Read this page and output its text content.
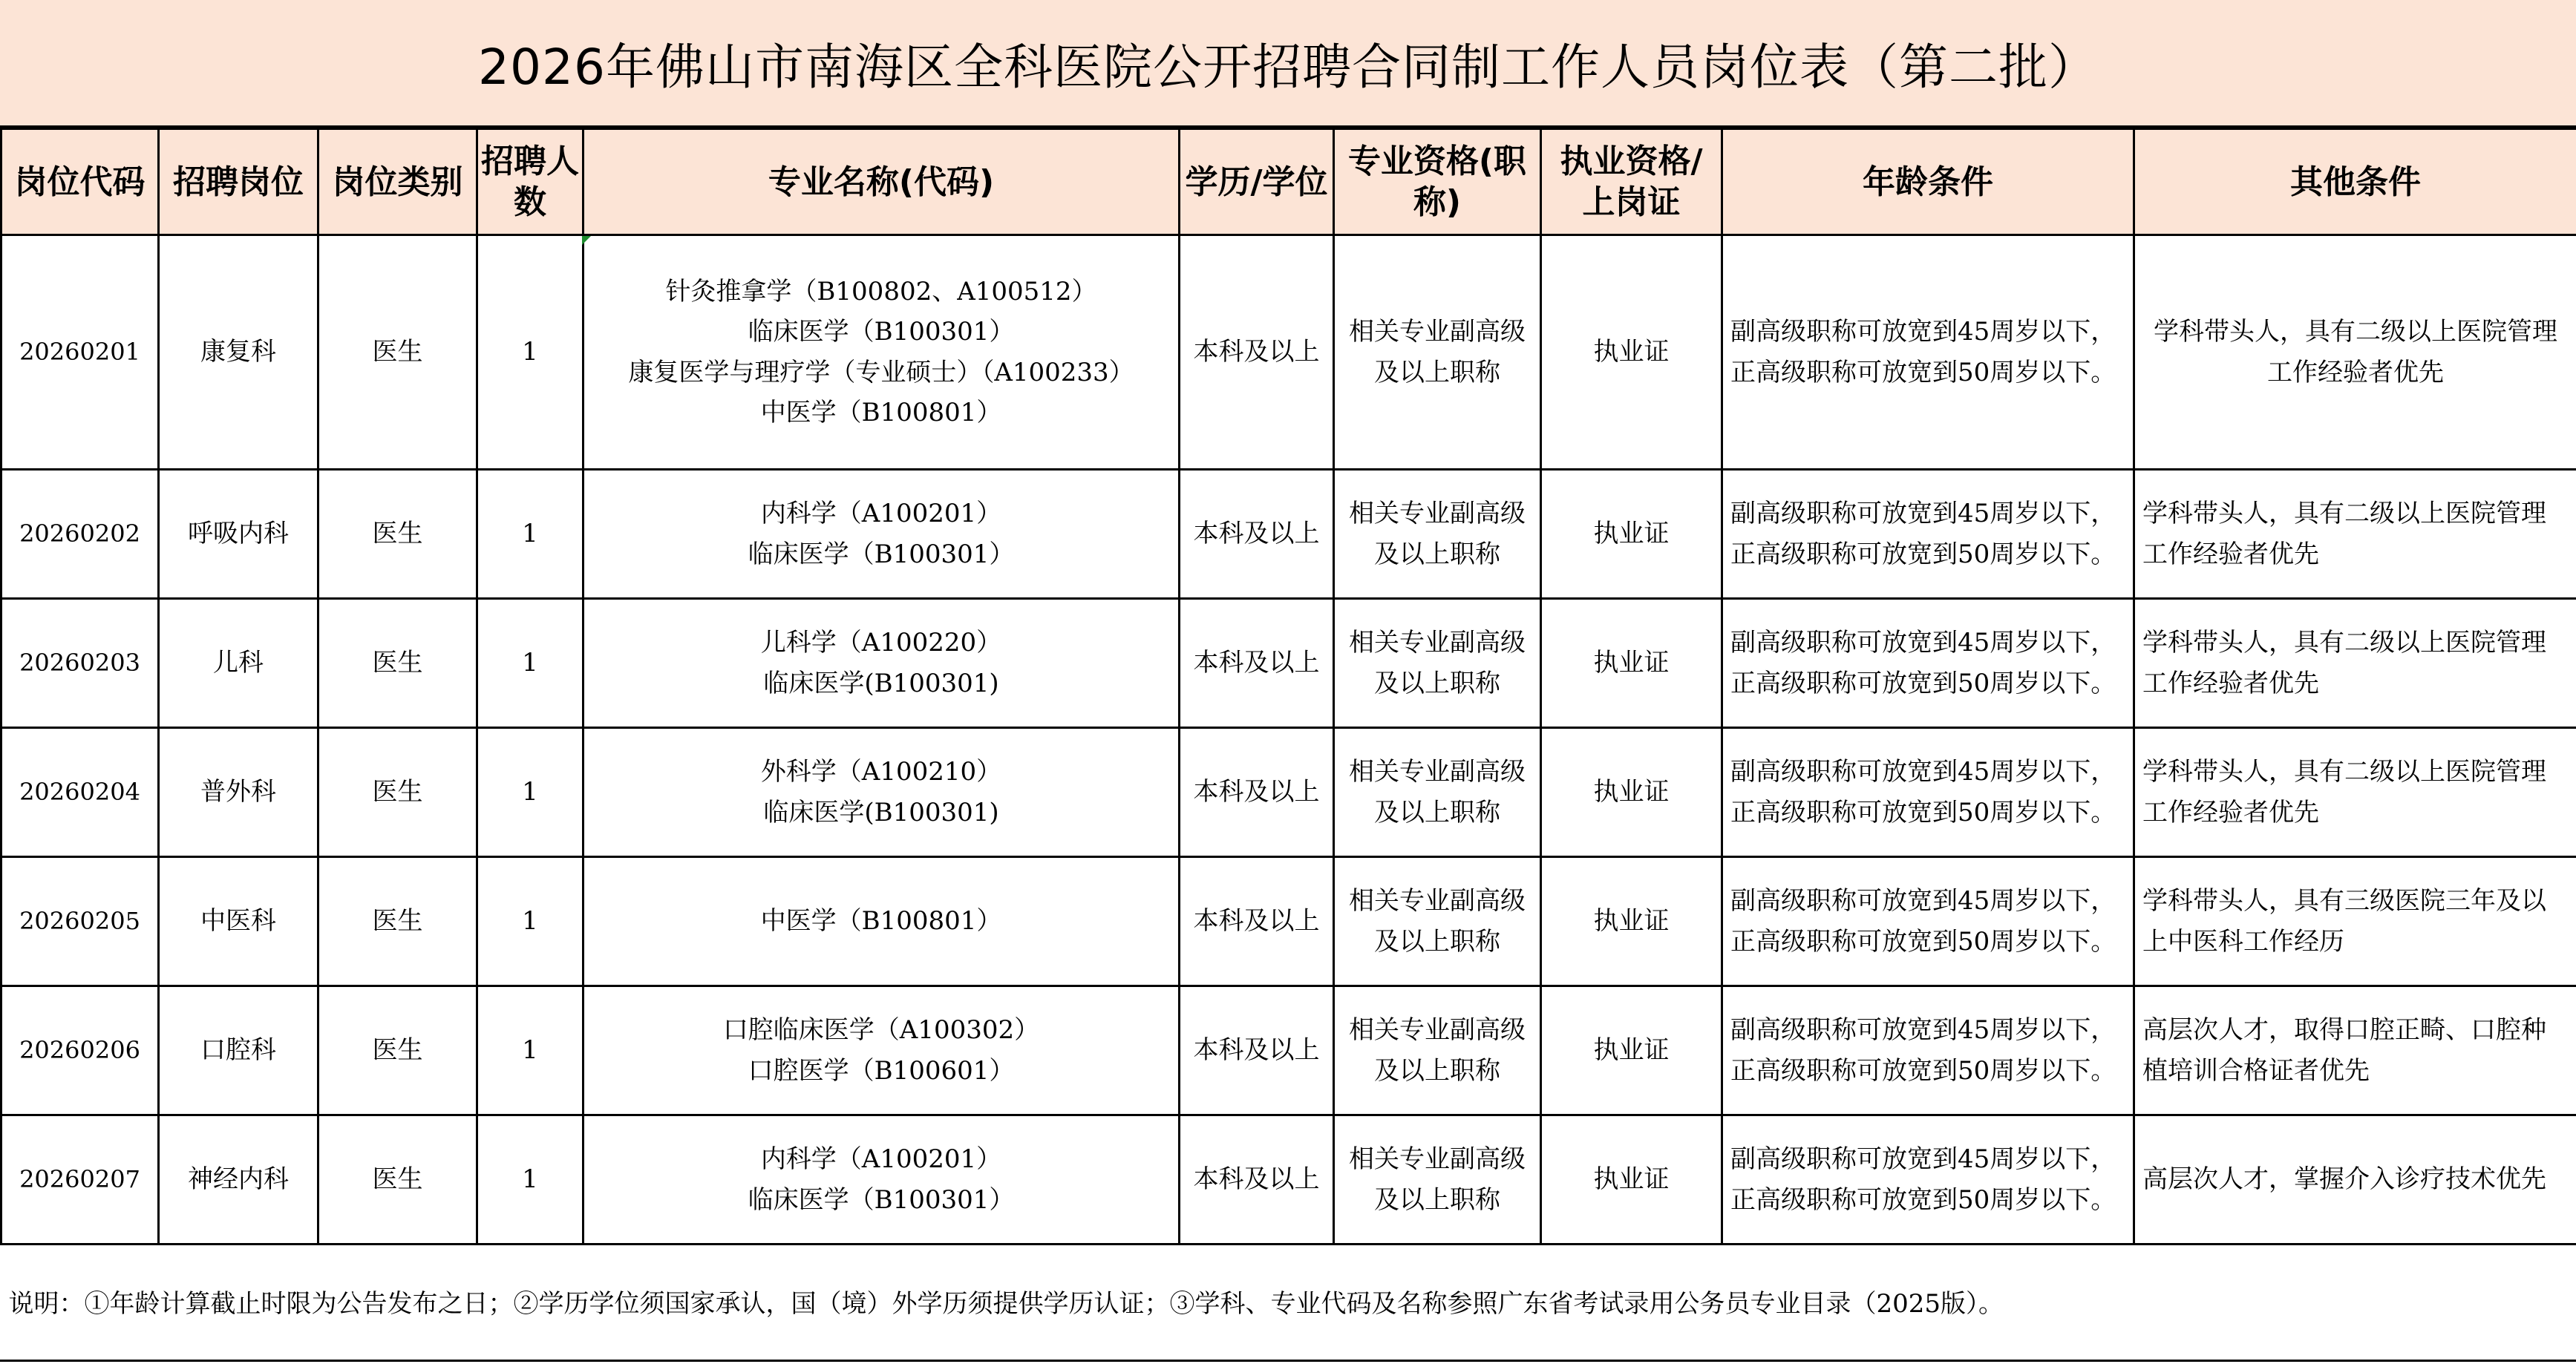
2026年佛山市南海区全科医院公开招聘合同制工作人员岗位表（第二批）
岗位代码	招聘岗位	岗位类别	招聘人数	专业名称(代码)	学历/学位	专业资格(职称)	执业资格/上岗证	年龄条件	其他条件
20260201	康复科	医生	1	针灸推拿学（B100802、A100512）
临床医学（B100301）
康复医学与理疗学（专业硕士）（A100233）
中医学（B100801）	本科及以上	相关专业副高级及以上职称	执业证	副高级职称可放宽到45周岁以下，正高级职称可放宽到50周岁以下。	学科带头人，具有二级以上医院管理工作经验者优先
20260202	呼吸内科	医生	1	内科学（A100201）
临床医学（B100301）	本科及以上	相关专业副高级及以上职称	执业证	副高级职称可放宽到45周岁以下，正高级职称可放宽到50周岁以下。	学科带头人，具有二级以上医院管理工作经验者优先
20260203	儿科	医生	1	儿科学（A100220）
临床医学(B100301)	本科及以上	相关专业副高级及以上职称	执业证	副高级职称可放宽到45周岁以下，正高级职称可放宽到50周岁以下。	学科带头人，具有二级以上医院管理工作经验者优先
20260204	普外科	医生	1	外科学（A100210）
临床医学(B100301)	本科及以上	相关专业副高级及以上职称	执业证	副高级职称可放宽到45周岁以下，正高级职称可放宽到50周岁以下。	学科带头人，具有二级以上医院管理工作经验者优先
20260205	中医科	医生	1	中医学（B100801）	本科及以上	相关专业副高级及以上职称	执业证	副高级职称可放宽到45周岁以下，正高级职称可放宽到50周岁以下。	学科带头人，具有三级医院三年及以上中医科工作经历
20260206	口腔科	医生	1	口腔临床医学（A100302）
口腔医学（B100601）	本科及以上	相关专业副高级及以上职称	执业证	副高级职称可放宽到45周岁以下，正高级职称可放宽到50周岁以下。	高层次人才，取得口腔正畸、口腔种植培训合格证者优先
20260207	神经内科	医生	1	内科学（A100201）
临床医学（B100301）	本科及以上	相关专业副高级及以上职称	执业证	副高级职称可放宽到45周岁以下，正高级职称可放宽到50周岁以下。	高层次人才，掌握介入诊疗技术优先
说明：①年龄计算截止时限为公告发布之日；②学历学位须国家承认，国（境）外学历须提供学历认证；③学科、专业代码及名称参照广东省考试录用公务员专业目录（2025版）。									
